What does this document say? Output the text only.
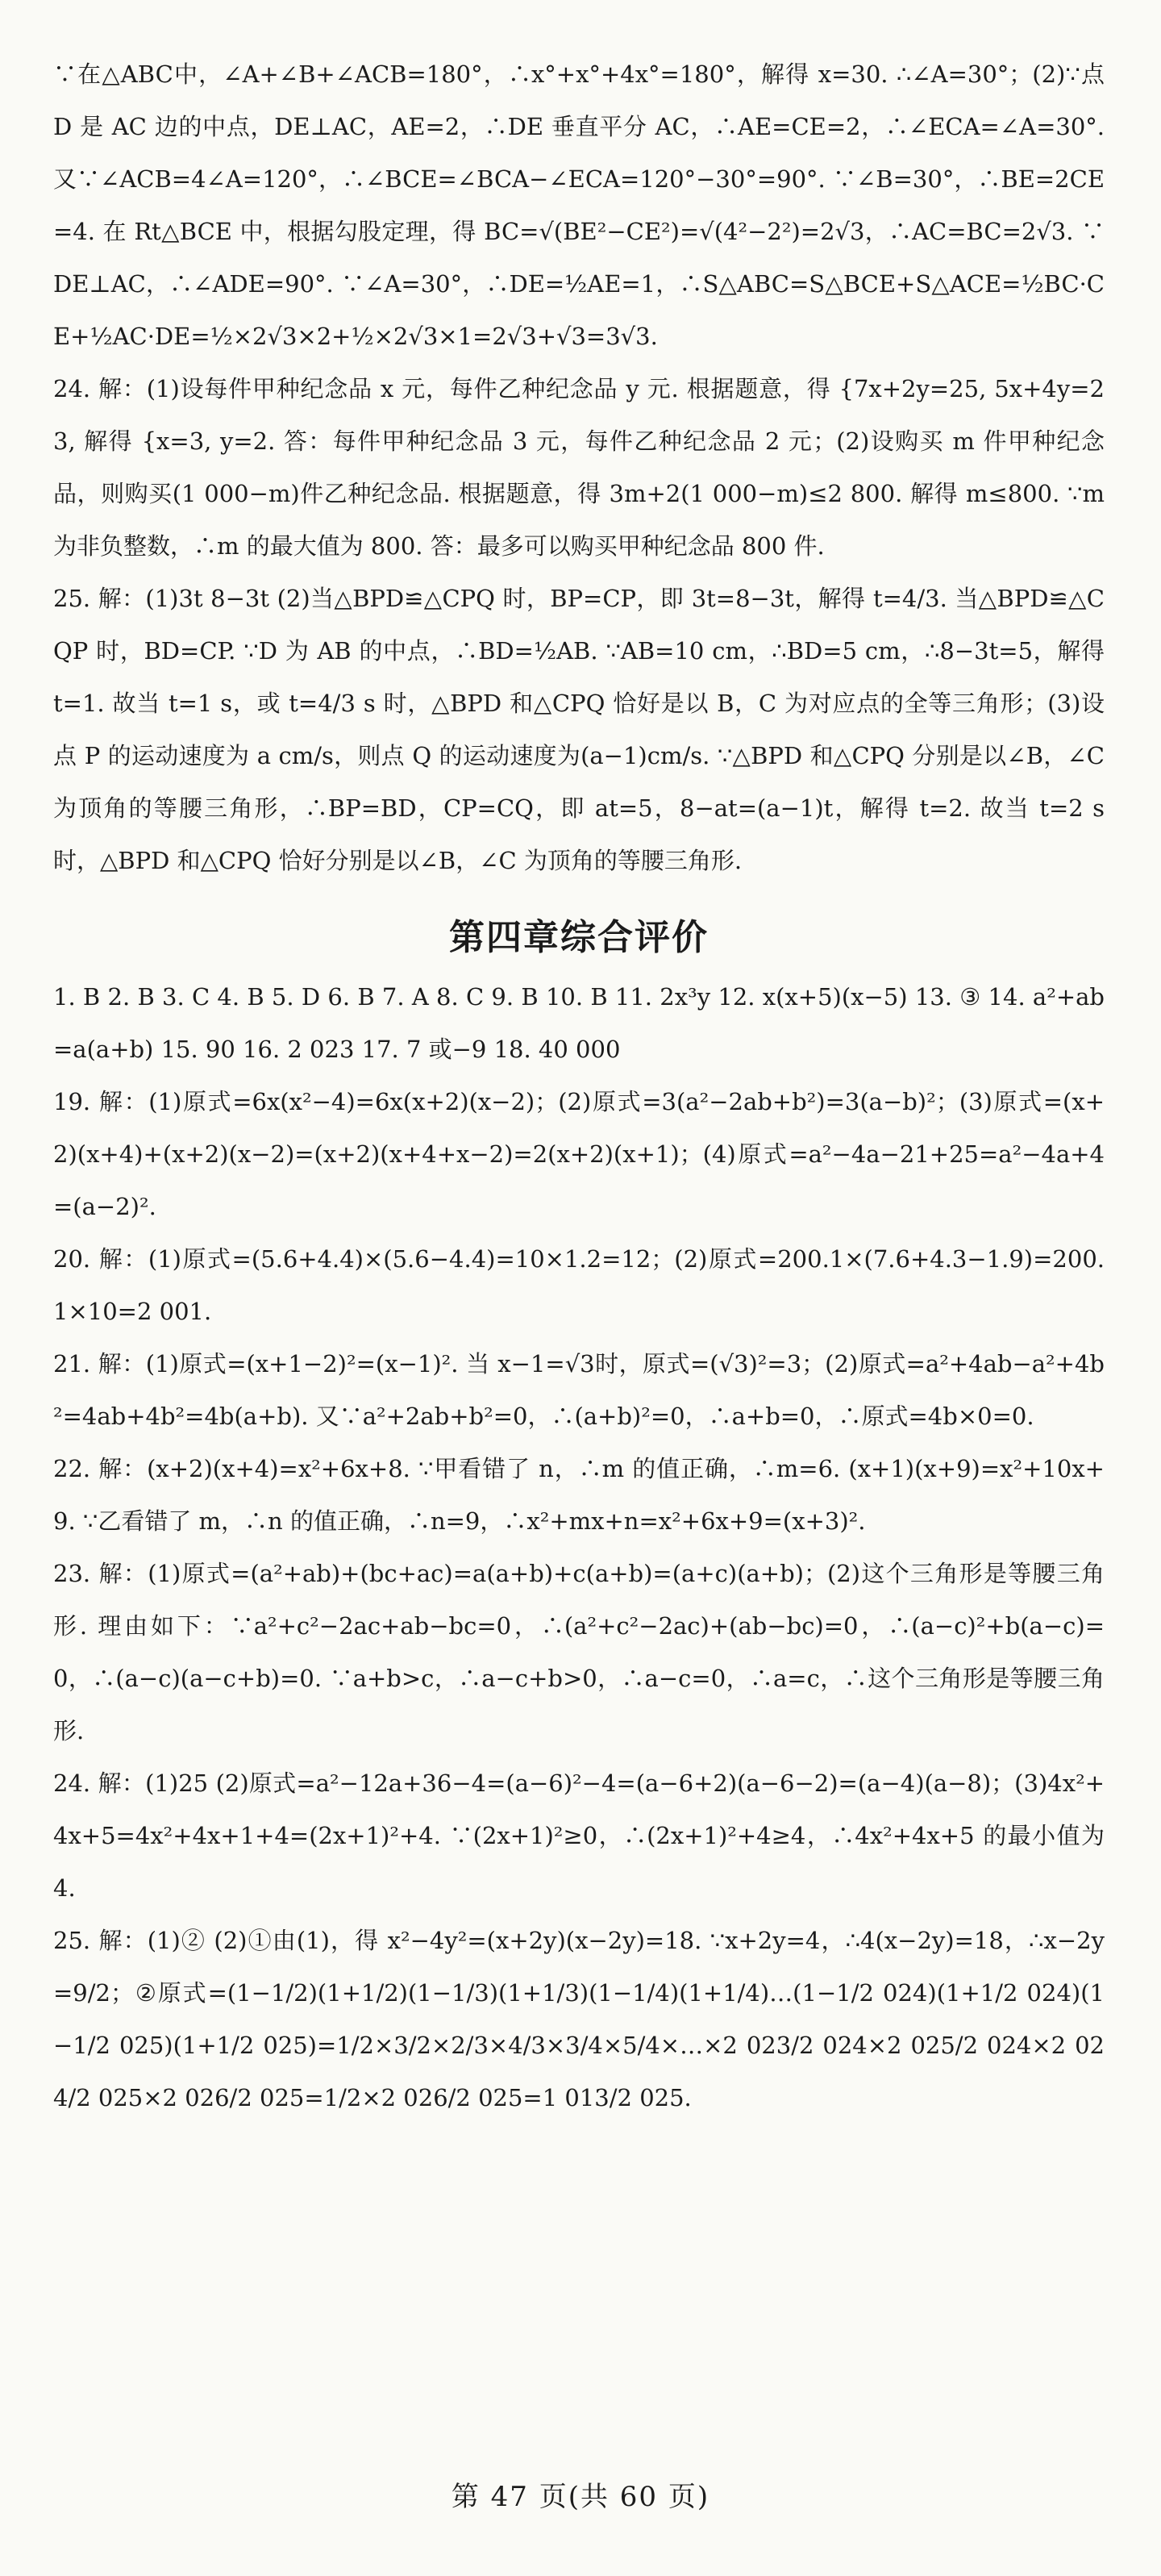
∵在△ABC中，∠A+∠B+∠ACB=180°，∴x°+x°+4x°=180°，解得 x=30. ∴∠A=30°；(2)∵点 D 是 AC 边的中点，DE⊥AC，AE=2，∴DE 垂直平分 AC，∴AE=CE=2，∴∠ECA=∠A=30°. 又∵∠ACB=4∠A=120°，∴∠BCE=∠BCA−∠ECA=120°−30°=90°. ∵∠B=30°，∴BE=2CE=4. 在 Rt△BCE 中，根据勾股定理，得 BC=√(BE²−CE²)=√(4²−2²)=2√3，∴AC=BC=2√3. ∵DE⊥AC，∴∠ADE=90°. ∵∠A=30°，∴DE=½AE=1，∴S△ABC=S△BCE+S△ACE=½BC·CE+½AC·DE=½×2√3×2+½×2√3×1=2√3+√3=3√3.

24. 解：(1)设每件甲种纪念品 x 元，每件乙种纪念品 y 元. 根据题意，得 {7x+2y=25, 5x+4y=23, 解得 {x=3, y=2. 答：每件甲种纪念品 3 元，每件乙种纪念品 2 元；(2)设购买 m 件甲种纪念品，则购买(1 000−m)件乙种纪念品. 根据题意，得 3m+2(1 000−m)≤2 800. 解得 m≤800. ∵m 为非负整数，∴m 的最大值为 800. 答：最多可以购买甲种纪念品 800 件.

25. 解：(1)3t 8−3t (2)当△BPD≌△CPQ 时，BP=CP，即 3t=8−3t，解得 t=4/3. 当△BPD≌△CQP 时，BD=CP. ∵D 为 AB 的中点，∴BD=½AB. ∵AB=10 cm，∴BD=5 cm，∴8−3t=5，解得 t=1. 故当 t=1 s，或 t=4/3 s 时，△BPD 和△CPQ 恰好是以 B，C 为对应点的全等三角形；(3)设点 P 的运动速度为 a cm/s，则点 Q 的运动速度为(a−1)cm/s. ∵△BPD 和△CPQ 分别是以∠B，∠C 为顶角的等腰三角形，∴BP=BD，CP=CQ，即 at=5，8−at=(a−1)t，解得 t=2. 故当 t=2 s 时，△BPD 和△CPQ 恰好分别是以∠B，∠C 为顶角的等腰三角形.

第四章综合评价

1. B 2. B 3. C 4. B 5. D 6. B 7. A 8. C 9. B 10. B 11. 2x³y 12. x(x+5)(x−5) 13. ③ 14. a²+ab=a(a+b) 15. 90 16. 2 023 17. 7 或−9 18. 40 000

19. 解：(1)原式=6x(x²−4)=6x(x+2)(x−2)；(2)原式=3(a²−2ab+b²)=3(a−b)²；(3)原式=(x+2)(x+4)+(x+2)(x−2)=(x+2)(x+4+x−2)=2(x+2)(x+1)；(4)原式=a²−4a−21+25=a²−4a+4=(a−2)².

20. 解：(1)原式=(5.6+4.4)×(5.6−4.4)=10×1.2=12；(2)原式=200.1×(7.6+4.3−1.9)=200.1×10=2 001.

21. 解：(1)原式=(x+1−2)²=(x−1)². 当 x−1=√3时，原式=(√3)²=3；(2)原式=a²+4ab−a²+4b²=4ab+4b²=4b(a+b). 又∵a²+2ab+b²=0，∴(a+b)²=0，∴a+b=0，∴原式=4b×0=0.

22. 解：(x+2)(x+4)=x²+6x+8. ∵甲看错了 n，∴m 的值正确，∴m=6. (x+1)(x+9)=x²+10x+9. ∵乙看错了 m，∴n 的值正确，∴n=9，∴x²+mx+n=x²+6x+9=(x+3)².

23. 解：(1)原式=(a²+ab)+(bc+ac)=a(a+b)+c(a+b)=(a+c)(a+b)；(2)这个三角形是等腰三角形. 理由如下：∵a²+c²−2ac+ab−bc=0，∴(a²+c²−2ac)+(ab−bc)=0，∴(a−c)²+b(a−c)=0，∴(a−c)(a−c+b)=0. ∵a+b>c，∴a−c+b>0，∴a−c=0，∴a=c，∴这个三角形是等腰三角形.

24. 解：(1)25 (2)原式=a²−12a+36−4=(a−6)²−4=(a−6+2)(a−6−2)=(a−4)(a−8)；(3)4x²+4x+5=4x²+4x+1+4=(2x+1)²+4. ∵(2x+1)²≥0，∴(2x+1)²+4≥4，∴4x²+4x+5 的最小值为 4.

25. 解：(1)② (2)①由(1)，得 x²−4y²=(x+2y)(x−2y)=18. ∵x+2y=4，∴4(x−2y)=18，∴x−2y=9/2；②原式=(1−1/2)(1+1/2)(1−1/3)(1+1/3)(1−1/4)(1+1/4)…(1−1/2 024)(1+1/2 024)(1−1/2 025)(1+1/2 025)=1/2×3/2×2/3×4/3×3/4×5/4×…×2 023/2 024×2 025/2 024×2 024/2 025×2 026/2 025=1/2×2 026/2 025=1 013/2 025.

第 47 页(共 60 页)
